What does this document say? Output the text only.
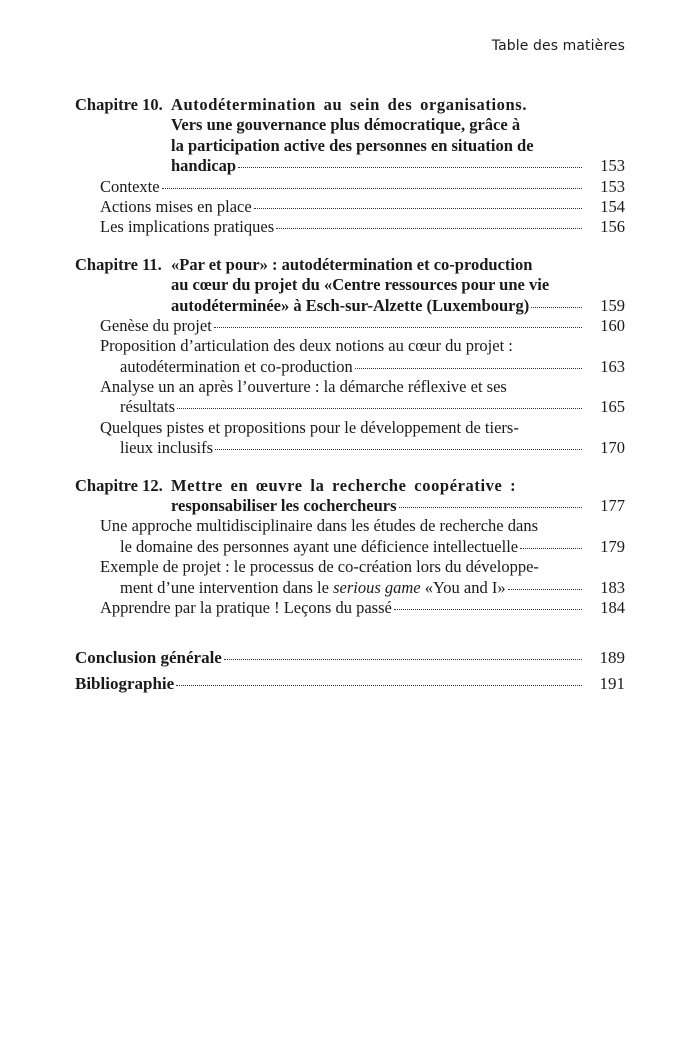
Table des matières
Chapitre 10. Autodétermination au sein des organisations.
Vers une gouvernance plus démocratique, grâce à
la participation active des personnes en situation de
handicap	153
Contexte	153
Actions mises en place	154
Les implications pratiques	156
Chapitre 11. «Par et pour» : autodétermination et co-production
au cœur du projet du «Centre ressources pour une vie
autodéterminée» à Esch-sur-Alzette (Luxembourg)	159
Genèse du projet	160
Proposition d’articulation des deux notions au cœur du projet :
autodétermination et co-production	163
Analyse un an après l’ouverture : la démarche réflexive et ses
résultats	165
Quelques pistes et propositions pour le développement de tiers-
lieux inclusifs	170
Chapitre 12. Mettre en œuvre la recherche coopérative :
responsabiliser les cochercheurs	177
Une approche multidisciplinaire dans les études de recherche dans
le domaine des personnes ayant une déficience intellectuelle	179
Exemple de projet : le processus de co-création lors du développe-
ment d’une intervention dans le serious game «You and I»	183
Apprendre par la pratique ! Leçons du passé	184
Conclusion générale	189
Bibliographie	191
